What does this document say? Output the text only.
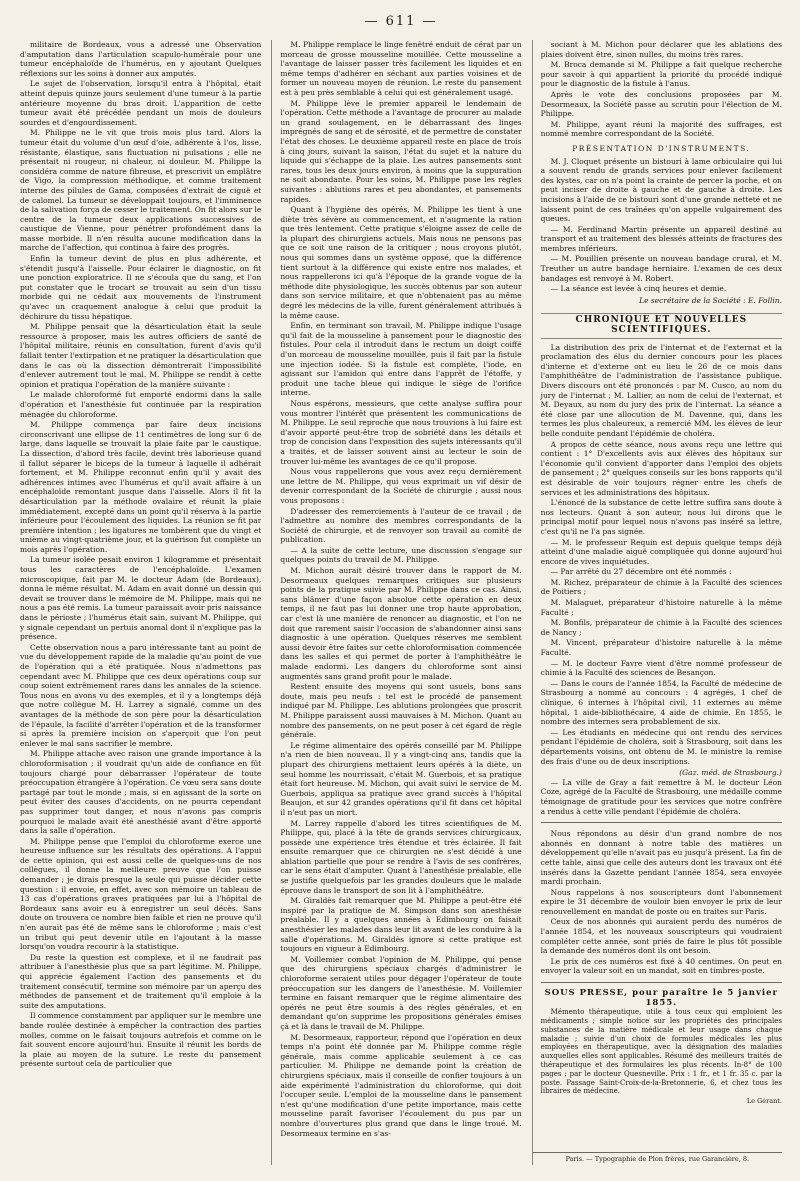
— 611 —

militaire de Bordeaux, vous a adressé une Observation d'amputation dans l'articulation scapulo-humérale pour une tumeur encéphaloïde de l'humérus, en y ajoutant Quelques réflexions sur les soins à donner aux amputés.

Le sujet de l'observation, lorsqu'il entra à l'hôpital, était atteint depuis quinze jours seulement d'une tumeur à la partie antérieure moyenne du bras droit. L'apparition de cette tumeur avait été précédée pendant un mois de douleurs sourdes et d'engourdissement.

M. Philippe ne le vit que trois mois plus tard. Alors la tumeur était du volume d'un œuf d'oie, adhérente à l'os, lisse, résistante, élastique, sans fluctuation ni pulsations ; elle ne présentait ni rougeur, ni chaleur, ni douleur. M. Philippe la considéra comme de nature fibreuse, et prescrivit un emplâtre de Vigo, la compression méthodique, et comme traitement interne des pilules de Gama, composées d'extrait de ciguë et de calomel. La tumeur se développait toujours, et l'imminence de la salivation força de cesser le traitement. On fit alors sur le centre de la tumeur deux applications successives de caustique de Vienne, pour pénétrer profondément dans la masse morbide. Il n'en résulta aucune modification dans la marche de l'affection, qui continua à faire des progrès.

Enfin la tumeur devint de plus en plus adhérente, et s'étendit jusqu'à l'aisselle. Pour éclairer le diagnostic, on fit une ponction exploratrice. Il ne s'écoula que du sang, et l'on put constater que le trocart se trouvait au sein d'un tissu morbide qui ne cédait aux mouvements de l'instrument qu'avec un craquement analogue à celui que produit la déchirure du tissu hépatique.

M. Philippe pensait que la désarticulation était la seule ressource à proposer, mais les autres officiers de santé de l'hôpital militaire, réunis en consultation, furent d'avis qu'il fallait tenter l'extirpation et ne pratiquer la désarticulation que dans le cas où la dissection démontrerait l'impossibilité d'enlever autrement tout le mal. M. Philippe se rendit à cette opinion et pratiqua l'opération de la manière suivante :

Le malade chloroformé fut emporté endormi dans la salle d'opération et l'anesthésie fut continuée par la respiration ménagée du chloroforme.

M. Philippe commença par faire deux incisions circonscrivant une ellipse de 11 centimètres de long sur 6 de large, dans laquelle se trouvait la plaie faite par le caustique. La dissection, d'abord très facile, devint très laborieuse quand il fallut séparer le biceps de la tumeur à laquelle il adhérait fortement, et M. Philippe reconnut enfin qu'il y avait des adhérences intimes avec l'humérus et qu'il avait affaire à un encéphaloïde remontant jusque dans l'aisselle. Alors il fit la désarticulation par la méthode ovalaire et réunit la plaie immédiatement, excepté dans un point qu'il réserva à la partie inférieure pour l'écoulement des liquides. La réunion se fit par première intention ; les ligatures ne tombèrent que du vingt et unième au vingt-quatrième jour, et la guérison fut complète un mois après l'opération.

La tumeur isolée pesait environ 1 kilogramme et présentait tous les caractères de l'encéphaloïde. L'examen microscopique, fait par M. le docteur Adam (de Bordeaux), donna le même résultat. M. Adam en avait donné un dessin qui devait se trouver dans le mémoire de M. Philippe, mais qui ne nous a pas été remis. La tumeur paraissait avoir pris naissance dans le périoste ; l'humérus était sain, suivant M. Philippe, qui y signale cependant un pertuis anomal dont il n'explique pas la présence.

Cette observation nous a paru intéressante tant au point de vue du développement rapide de la maladie qu'au point de vue de l'opération qui a été pratiquée. Nous n'admettons pas cependant avec M. Philippe que ces deux opérations coup sur coup soient extrêmement rares dans les annales de la science. Tous nous en avons vu des exemples, et il y a longtemps déjà que notre collègue M. H. Larrey a signalé, comme un des avantages de la méthode de son père pour la désarticulation de l'épaule, la facilité d'arrêter l'opération et de la transformer si après la première incision on s'aperçoit que l'on peut enlever le mal sans sacrifier le membre.

M. Philippe attache avec raison une grande importance à la chloroformisation ; il voudrait qu'un aide de confiance en fût toujours chargé pour débarrasser l'opérateur de toute préoccupation étrangère à l'opération. Ce vœu sera sans doute partagé par tout le monde ; mais, si en agissant de la sorte on peut éviter des causes d'accidents, on ne pourra cependant pas supprimer tout danger, et nous n'avons pas compris pourquoi le malade avait été anesthésié avant d'être apporté dans la salle d'opération.

M. Philippe pense que l'emploi du chloroforme exerce une heureuse influence sur les résultats des opérations. A l'appui de cette opinion, qui est aussi celle de quelques-uns de nos collègues, il donne la meilleure preuve que l'on puisse demander ; je dirais presque la seule qui puisse décider cette question : il envoie, en effet, avec son mémoire un tableau de 13 cas d'opérations graves pratiquées par lui à l'hôpital de Bordeaux sans avoir eu à enregistrer un seul décès. Sans doute on trouvera ce nombre bien faible et rien ne prouve qu'il n'en aurait pas été de même sans le chloroforme ; mais c'est un tribut qui peut devenir utile en l'ajoutant à la masse lorsqu'on voudra recourir à la statistique.

Du reste la question est complexe, et il ne faudrait pas attribuer à l'anesthésie plus que sa part légitime. M. Philippe, qui apprécie également l'action des pansements et du traitement consécutif, termine son mémoire par un aperçu des méthodes de pansement et de traitement qu'il emploie à la suite des amputations.

Il commence constamment par appliquer sur le membre une bande roulée destinée à empêcher la contraction des parties molles, comme on le faisait toujours autrefois et comme on le fait souvent encore aujourd'hui. Ensuite il réunit les bords de la plaie au moyen de la suture. Le reste du pansement présente surtout cela de particulier que

M. Philippe remplace le linge fenêtré enduit de cérat par un morceau de grosse mousseline mouillée. Cette mousseline a l'avantage de laisser passer très facilement les liquides et en même temps d'adhérer en séchant aux parties voisines et de former un nouveau moyen de réunion. Le reste du pansement est à peu près semblable à celui qui est généralement usagé.

M. Philippe lève le premier appareil le lendemain de l'opération. Cette méthode a l'avantage de procurer au malade un grand soulagement, en le débarrassant des linges imprégnés de sang et de sérosité, et de permettre de constater l'état des choses. Le deuxième appareil reste en place de trois à cinq jours, suivant la saison, l'état du sujet et la nature du liquide qui s'échappe de la plaie. Les autres pansements sont rares, tous les deux jours environ, à moins que la suppuration ne soit abondante. Pour les soins, M. Philippe pose les règles suivantes : ablutions rares et peu abondantes, et pansements rapides.

Quant à l'hygiène des opérés, M. Philippe les tient à une diète très sévère au commencement, et n'augmente la ration que très lentement. Cette pratique s'éloigne assez de celle de la plupart des chirurgiens actuels. Mais nous ne pensons pas que ce soit une raison de la critiquer ; nous croyons plutôt, nous qui sommes dans un système opposé, que la différence tient surtout à la différence qui existe entre nos malades, et nous rappellerons ici qu'à l'époque de la grande vogue de la méthode dite physiologique, les succès obtenus par son auteur dans son service militaire, et que n'obtenaient pas au même degré les médecins de la ville, furent généralement attribués à la même cause.

Enfin, en terminant son travail, M. Philippe indique l'usage qu'il fait de la mousseline à pansement pour le diagnostic des fistules. Pour cela il introduit dans le rectum un doigt coiffé d'un morceau de mousseline mouillée, puis il fait par la fistule une injection iodée. Si la fistule est complète, l'iode, en agissant sur l'amidon qui entre dans l'apprêt de l'étoffe, y produit une tache bleue qui indique le siège de l'orifice interne.

Nous espérons, messieurs, que cette analyse suffira pour vous montrer l'intérêt que présentent les communications de M. Philippe. Le seul reproche que nous trouvions à lui faire est d'avoir apporté peut-être trop de sobriété dans les détails et trop de concision dans l'exposition des sujets intéressants qu'il a traités, et de laisser souvent ainsi au lecteur le soin de trouver lui-même les avantages de ce qu'il propose.

Nous vous rappellerons que vous avez reçu dernièrement une lettre de M. Philippe, qui vous exprimait un vif désir de devenir correspondant de la Société de chirurgie ; aussi nous vous proposons :

D'adresser des remerciements à l'auteur de ce travail ; de l'admettre au nombre des membres correspondants de la Société de chirurgie, et de renvoyer son travail au comité de publication.

— A la suite de cette lecture, une discussion s'engage sur quelques points du travail de M. Philippe.

M. Michon aurait désiré trouver dans le rapport de M. Desormeaux quelques remarques critiques sur plusieurs points de la pratique suivie par M. Philippe dans ce cas. Ainsi, sans blâmer d'une façon absolue cette opération en deux temps, il ne faut pas lui donner une trop haute approbation, car c'est là une manière de renoncer au diagnostic, et l'on ne doit que rarement saisir l'occasion de s'abandonner ainsi sans diagnostic à une opération. Quelques réserves me semblent aussi devoir être faites sur cette chloroformisation commencée dans les salles et qui permet de porter à l'amphithéâtre le malade endormi. Les dangers du chloroforme sont ainsi augmentés sans grand profit pour le malade.

Restent ensuite des moyens qui sont usuels, bons sans doute, mais peu neufs : tel est le procédé de pansement indiqué par M. Philippe. Les ablutions prolongées que proscrit M. Philippe paraissent aussi mauvaises à M. Michon. Quant au nombre des pansements, on ne peut poser à cet égard de règle générale.

Le régime alimentaire des opérés conseillé par M. Philippe n'a rien de bien nouveau. Il y a vingt-cinq ans, tandis que la plupart des chirurgiens mettaient leurs opérés à la diète, un seul homme les nourrissait, c'était M. Guerbois, et sa pratique était fort heureuse. M. Michon, qui avait suivi le service de M. Guerbois, appliqua sa pratique avec grand succès à l'hôpital Beaujon, et sur 42 grandes opérations qu'il fit dans cet hôpital il n'eut pas un mort.

M. Larrey rappelle d'abord les titres scientifiques de M. Philippe, qui, placé à la tête de grands services chirurgicaux, possède une expérience très étendue et très éclairée. Il fait ensuite remarquer que ce chirurgien ne s'est décidé à une ablation partielle que pour se rendre à l'avis de ses confrères, car le sens était d'amputer. Quant à l'anesthésie préalable, elle se justifie quelquefois par les grandes douleurs que le malade éprouve dans le transport de son lit à l'amphithéâtre.

M. Giraldès fait remarquer que M. Philippe a peut-être été inspiré par la pratique de M. Simpson dans son anesthésie préalable. Il y a quelques années à Edimbourg on faisait anesthésier les malades dans leur lit avant de les conduire à la salle d'opérations. M. Giraldès ignore si cette pratique est toujours en vigueur à Edimbourg.

M. Voillemier combat l'opinion de M. Philippe, qui pense que des chirurgiens spéciaux chargés d'administrer le chloroforme seraient utiles pour dégager l'opérateur de toute préoccupation sur les dangers de l'anesthésie. M. Voillemier termine en faisant remarquer que le régime alimentaire des opérés ne peut être soumis à des règles générales, et en demandant qu'on supprime les propositions générales émises çà et là dans le travail de M. Philippe.

M. Desormeaux, rapporteur, répond que l'opération en deux temps n'a point été donnée par M. Philippe comme règle générale, mais comme applicable seulement à ce cas particulier. M. Philippe ne demande point la création de chirurgiens spéciaux, mais il conseille de confier toujours à un aide expérimenté l'administration du chloroforme, qui doit l'occuper seule. L'emploi de la mousseline dans le pansement n'est qu'une modification d'une petite importance, mais cette mousseline paraît favoriser l'écoulement du pus par un nombre d'ouvertures plus grand que dans le linge troué. M. Desormeaux termine en s'as-

sociant à M. Michon pour déclarer que les ablations des plaies doivent être, sinon nulles, du moins très rares.

M. Broca demande si M. Philippe a fait quelque recherche pour savoir à qui appartient la priorité du procédé indiqué pour le diagnostic de la fistule à l'anus.

Après le vote des conclusions proposées par M. Desormeaux, la Société passe au scrutin pour l'élection de M. Philippe.

M. Philippe, ayant réuni la majorité des suffrages, est nommé membre correspondant de la Société.

PRÉSENTATION D'INSTRUMENTS.

M. J. Cloquet présente un bistouri à lame orbiculaire qui lui a souvent rendu de grands services pour enlever facilement des kystes, car on n'a point la crainte de percer la poche, et on peut inciser de droite à gauche et de gauche à droite. Les incisions à l'aide de ce bistouri sont d'une grande netteté et ne laissent point de ces traînées qu'on appelle vulgairement des queues.

— M. Ferdinand Martin présente un appareil destiné au transport et au traitement des blessés atteints de fractures des membres inférieurs.

— M. Pouillien présente un nouveau bandage crural, et M. Treuther un autre bandage herniaire. L'examen de ces deux bandages est renvoyé à M. Robert.

— La séance est levée à cinq heures et demie.

Le secrétaire de la Société : E. Follin.
CHRONIQUE ET NOUVELLES SCIENTIFIQUES.

La distribution des prix de l'internat et de l'externat et la proclamation des élus du dernier concours pour les places d'interne et d'externe ont eu lieu le 26 de ce mois dans l'amphithéâtre de l'administration de l'assistance publique. Divers discours ont été prononcés : par M. Cusco, au nom du jury de l'internat ; M. Lallier, au nom de celui de l'externat, et M. Deyaux, au nom du jury des prix de l'internat. La séance a été close par une allocution de M. Davenne, qui, dans les termes les plus chaleureux, a remercié MM. les élèves de leur belle conduite pendant l'épidémie de choléra.

A propos de cette séance, nous avons reçu une lettre qui contient : 1° D'excellents avis aux élèves des hôpitaux sur l'économie qu'il convient d'apporter dans l'emploi des objets de pansement ; 2° quelques conseils sur les bons rapports qu'il est désirable de voir toujours régner entre les chefs de services et les administrations des hôpitaux.

L'énoncé de la substance de cette lettre suffira sans doute à nos lecteurs. Quant à son auteur, nous lui dirons que le principal motif pour lequel nous n'avons pas inséré sa lettre, c'est qu'il ne l'a pas signée.

— M. le professeur Requin est depuis quelque temps déjà atteint d'une maladie aiguë compliquée qui donne aujourd'hui encore de vives inquiétudes.

— Par arrêté du 27 décembre ont été nommés :

M. Richez, préparateur de chimie à la Faculté des sciences de Poitiers ;

M. Malaguet, préparateur d'histoire naturelle à la même Faculté ;

M. Bonfils, préparateur de chimie à la Faculté des sciences de Nancy ;

M. Vincent, préparateur d'histoire naturelle à la même Faculté.

— M. le docteur Favre vient d'être nommé professeur de chimie à la Faculté des sciences de Besançon.

— Dans le cours de l'année 1854, la Faculté de médecine de Strasbourg a nommé au concours : 4 agrégés, 1 chef de clinique, 6 internes à l'hôpital civil, 11 externes au même hôpital, 1 aide-bibliothécaire, 4 aide de chimie. En 1855, le nombre des internes sera probablement de six.

— Les étudiants en médecine qui ont rendu des services pendant l'épidémie de choléra, soit à Strasbourg, soit dans les départements voisins, ont obtenu de M. le ministre la remise des frais d'une ou de deux inscriptions.

(Gaz. méd. de Strasbourg.)

— La ville de Gray a fait remettre à M. le docteur Léon Coze, agrégé de la Faculté de Strasbourg, une médaille comme témoignage de gratitude pour les services que notre confrère a rendus à cette ville pendant l'épidémie de choléra.

Nous répondons au désir d'un grand nombre de nos abonnés en donnant à notre table des matières un développement qu'elle n'avait pas eu jusqu'à présent. La fin de cette table, ainsi que celle des auteurs dont les travaux ont été insérés dans la Gazette pendant l'année 1854, sera envoyée mardi prochain.

Nous rappelons à nos souscripteurs dont l'abonnement expire le 31 décembre de vouloir bien envoyer le prix de leur renouvellement en mandat de poste ou en traites sur Paris.

Ceux de nos abonnés qui auraient perdu des numéros de l'année 1854, et les nouveaux souscripteurs qui voudraient compléter cette année, sont priés de faire le plus tôt possible la demande des numéros dont ils ont besoin.

Le prix de ces numéros est fixé à 40 centimes. On peut en envoyer la valeur soit en un mandat, soit en timbres-poste.

SOUS PRESSE, pour paraître le 5 janvier 1855.

Mémento thérapeutique, utile à tous ceux qui emploient les médicaments ; simple notice sur les propriétés des principales substances de la matière médicale et leur usage dans chaque maladie ; suivie d'un choix de formules médicales les plus employées en thérapeutique, avec la désignation des maladies auxquelles elles sont applicables. Résumé des meilleurs traités de thérapeutique et des formulaires les plus récents. In-8° de 100 pages ; par le docteur Quesneville. Prix : 1 fr., et 1 fr. 35 c. par la poste. Passage Saint-Croix-de-la-Bretonnerie, 6, et chez tous les libraires de médecine.

Le Gérant.
Paris. — Typographie de Plon frères, rue Garancière, 8.
